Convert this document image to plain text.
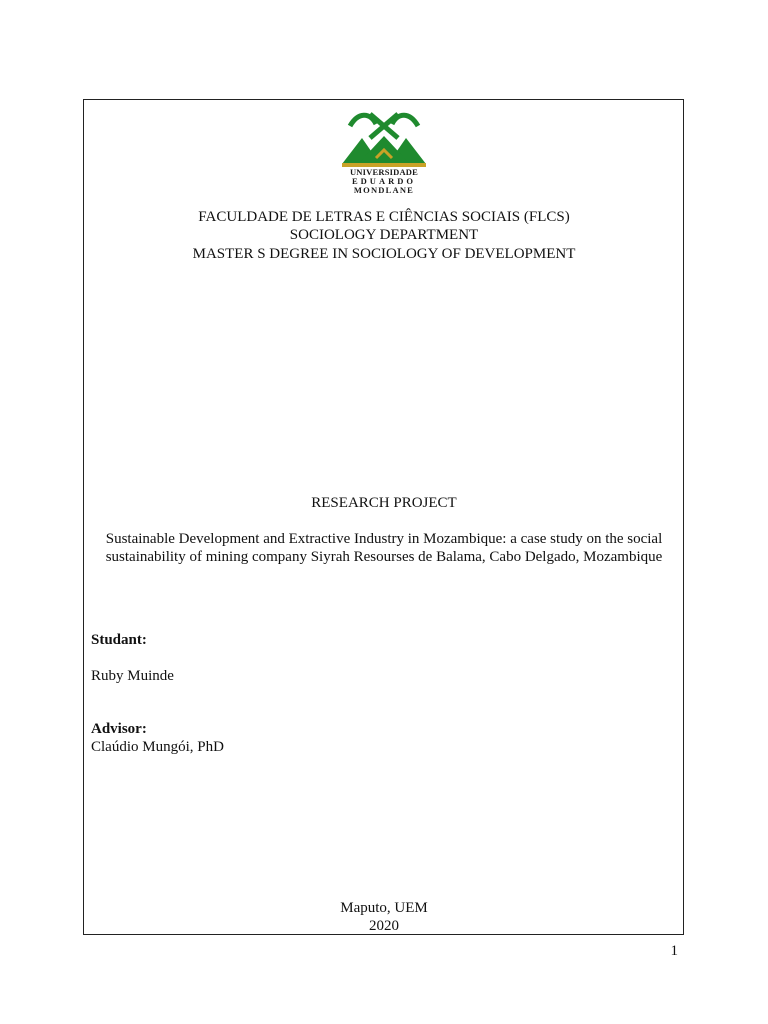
UNIVERSIDADE
EDUARDO
MONDLANE
FACULDADE DE LETRAS E CIÊNCIAS SOCIAIS (FLCS)
SOCIOLOGY DEPARTMENT
MASTER S DEGREE IN SOCIOLOGY OF DEVELOPMENT
RESEARCH PROJECT
Sustainable Development and Extractive Industry in Mozambique: a case study on the social
sustainability of mining company Siyrah Resourses de Balama, Cabo Delgado, Mozambique
Studant:
Ruby Muinde
Advisor:
Claúdio Mungói, PhD
Maputo, UEM
2020
1
